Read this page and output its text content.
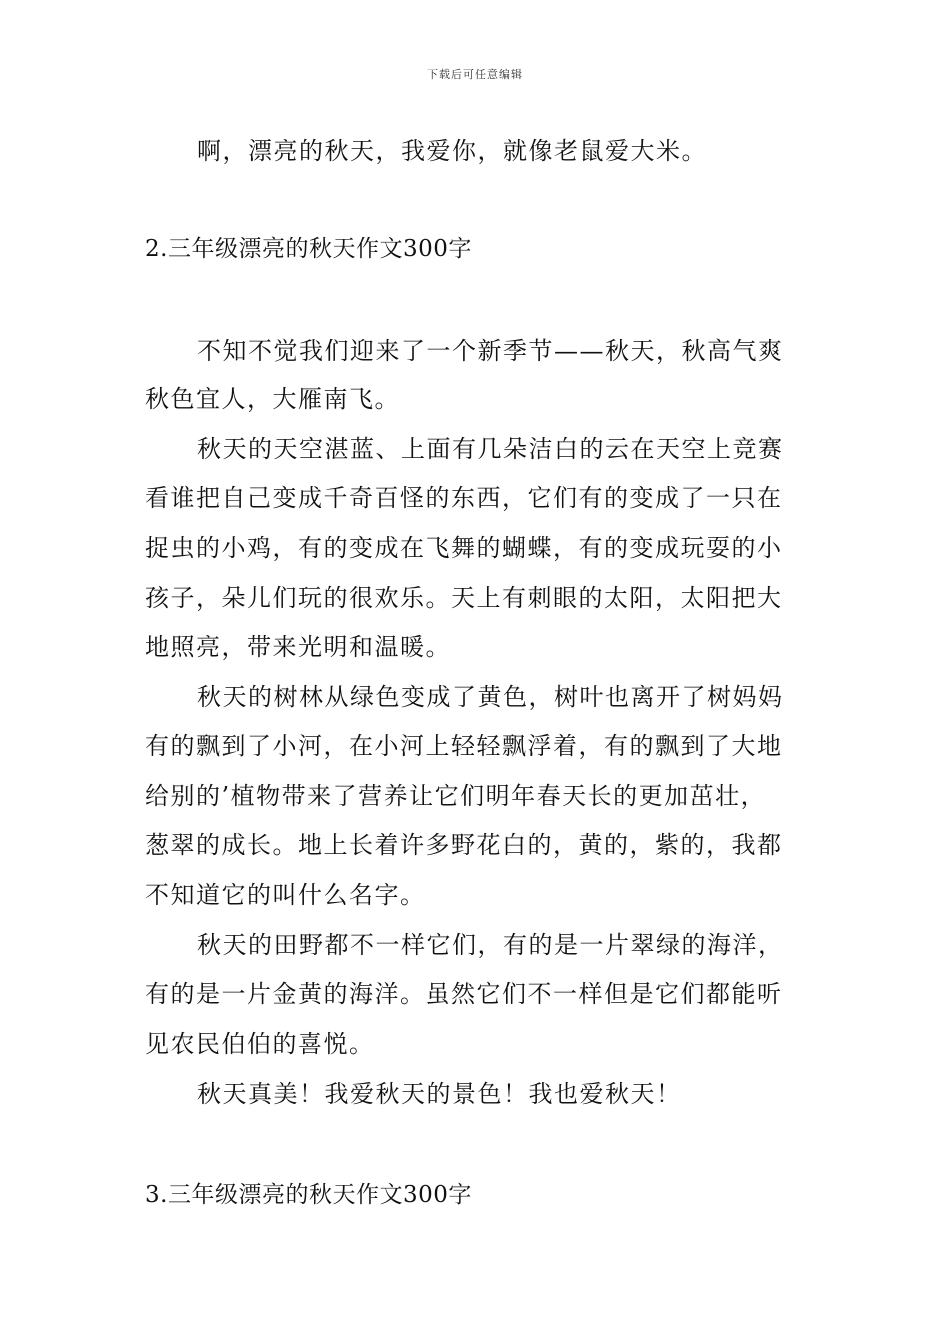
下载后可任意编辑
啊，漂亮的秋天，我爱你，就像老鼠爱大米。
2.三年级漂亮的秋天作文300字
不知不觉我们迎来了一个新季节——秋天，秋高气爽
秋色宜人，大雁南飞。
秋天的天空湛蓝、上面有几朵洁白的云在天空上竞赛
看谁把自己变成千奇百怪的东西，它们有的变成了一只在
捉虫的小鸡，有的变成在飞舞的蝴蝶，有的变成玩耍的小
孩子，朵儿们玩的很欢乐。天上有刺眼的太阳，太阳把大
地照亮，带来光明和温暖。
秋天的树林从绿色变成了黄色，树叶也离开了树妈妈
有的飘到了小河，在小河上轻轻飘浮着，有的飘到了大地
给别的’植物带来了营养让它们明年春天长的更加茁壮，
葱翠的成长。地上长着许多野花白的，黄的，紫的，我都
不知道它的叫什么名字。
秋天的田野都不一样它们，有的是一片翠绿的海洋，
有的是一片金黄的海洋。虽然它们不一样但是它们都能听
见农民伯伯的喜悦。
秋天真美！我爱秋天的景色！我也爱秋天！
3.三年级漂亮的秋天作文300字
